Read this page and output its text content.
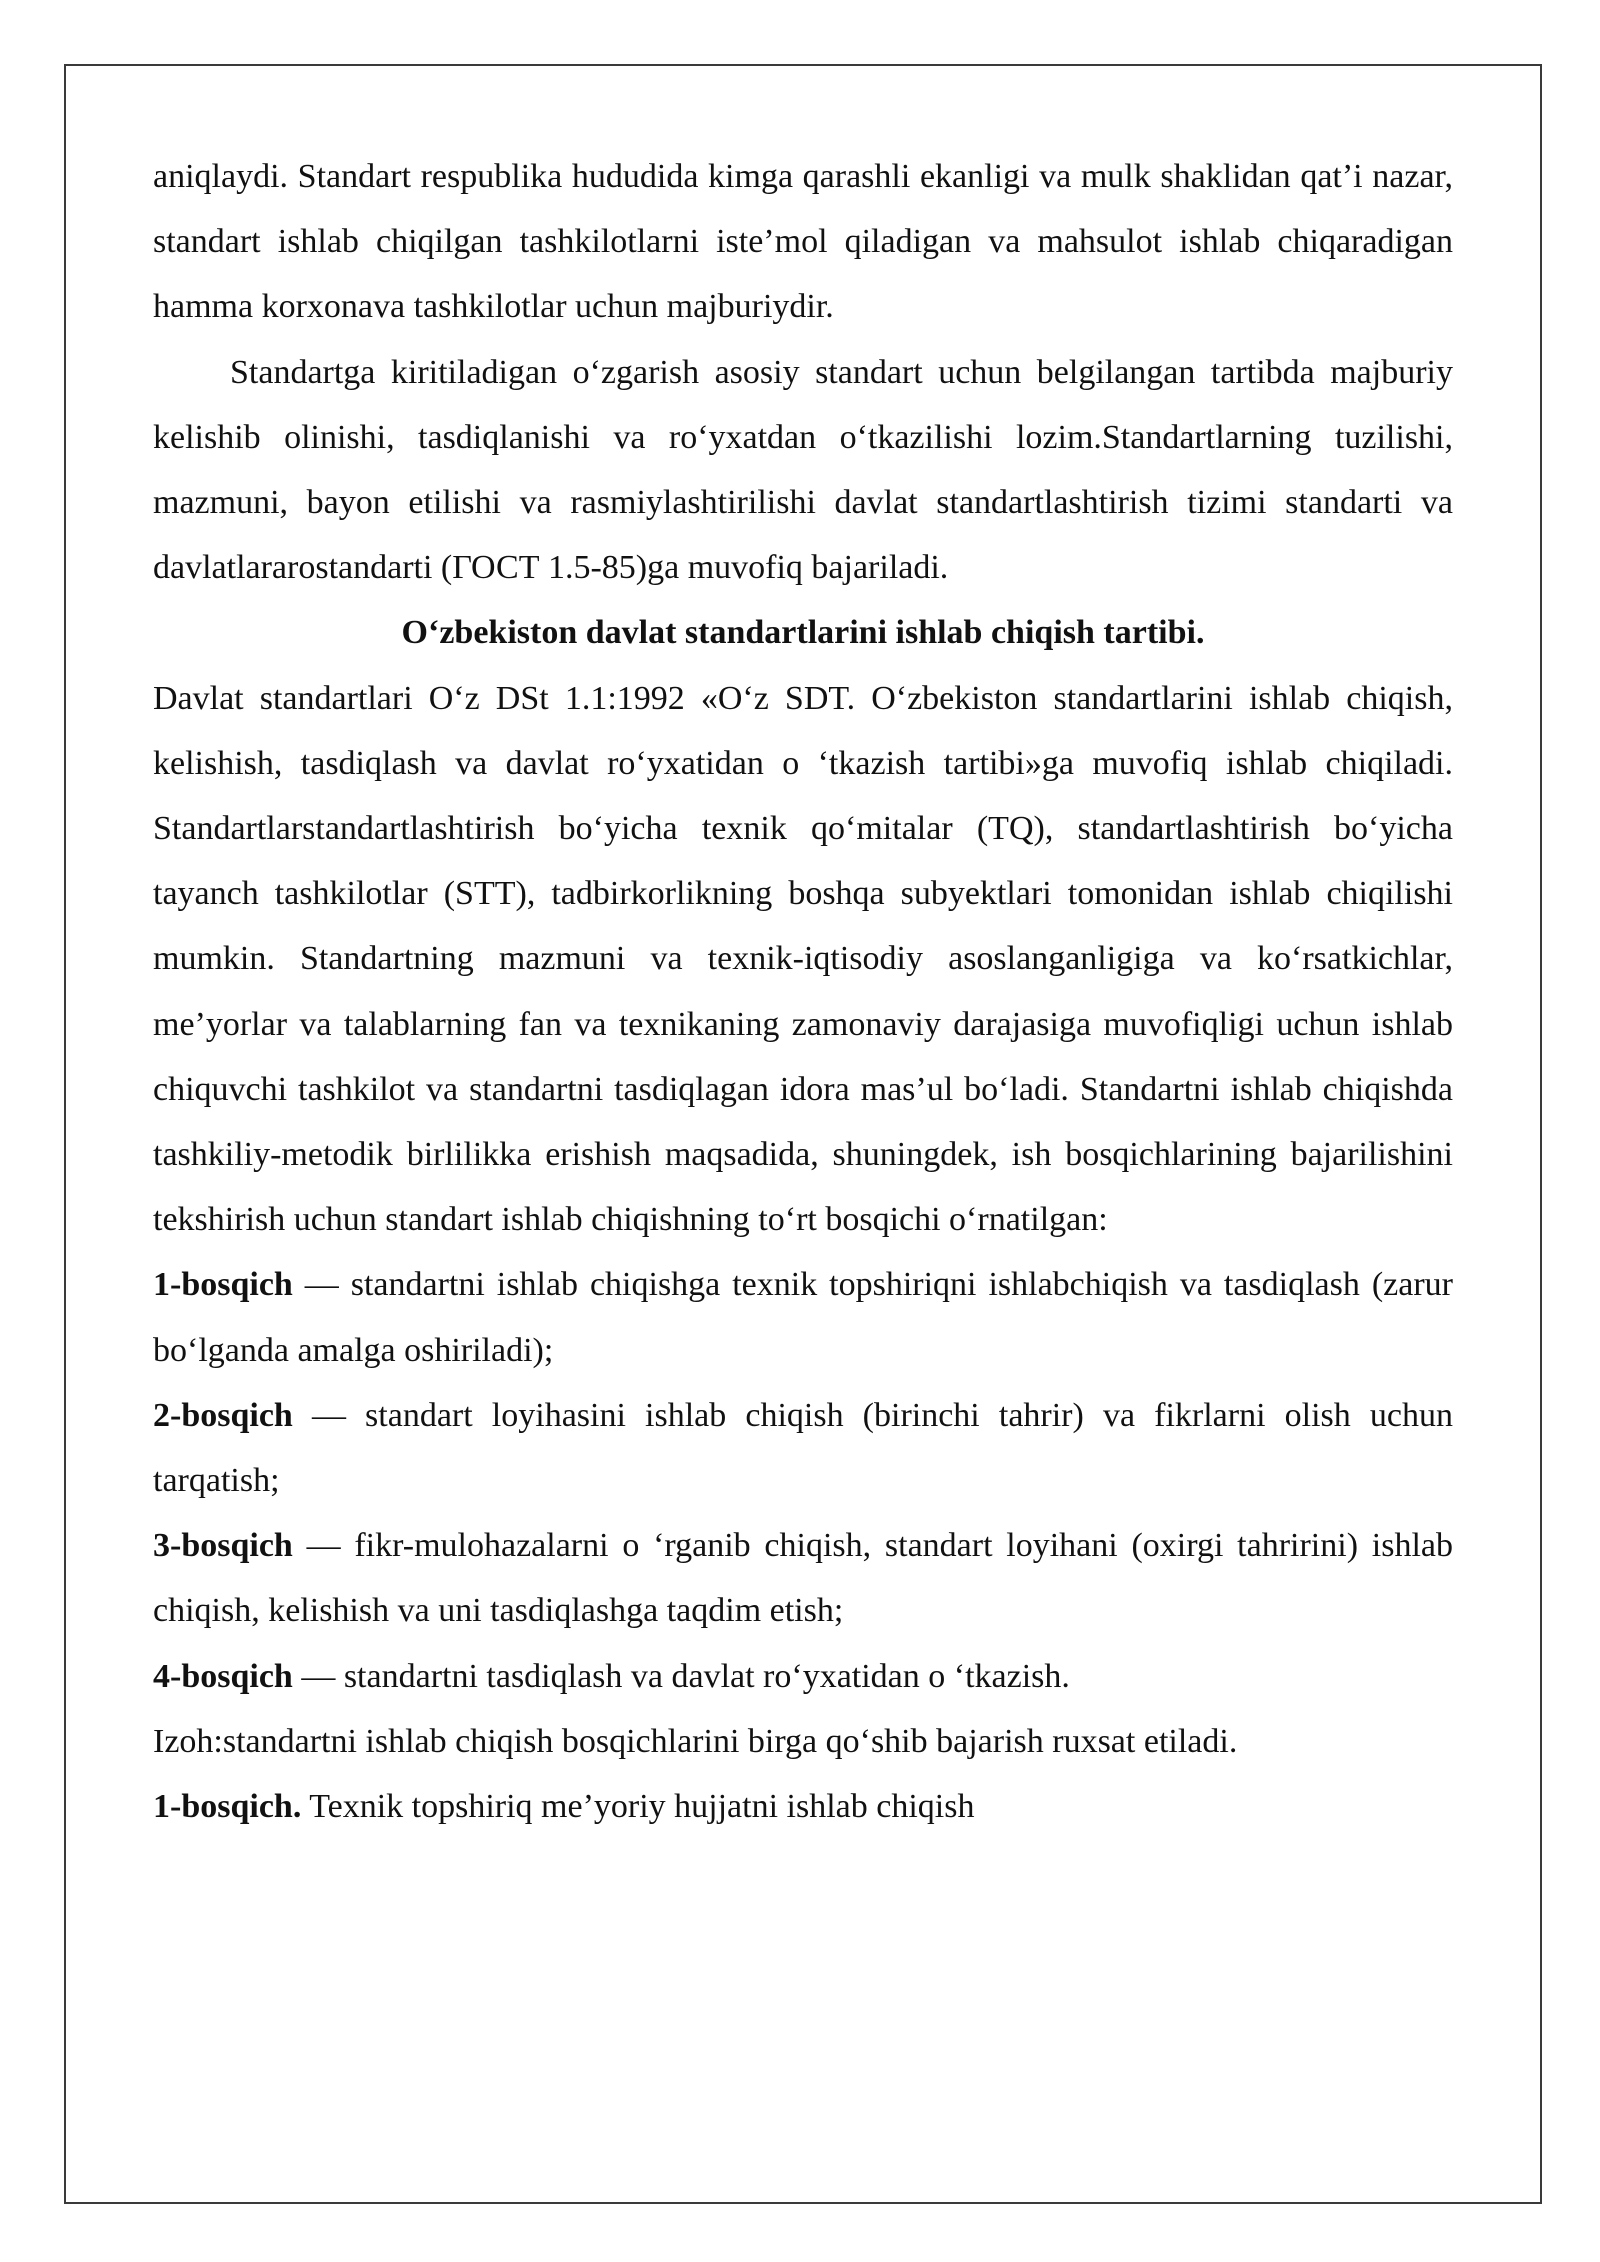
aniqlaydi. Standart respublika hududida kimga qarashli ekanligi va mulk shaklidan qat’i nazar, standart ishlab chiqilgan tashkilotlarni iste’mol qiladigan va mahsulot ishlab chiqaradigan hamma korxonava tashkilotlar uchun majburiydir.

Standartga kiritiladigan o‘zgarish asosiy standart uchun belgilangan tartibda majburiy kelishib olinishi, tasdiqlanishi va ro‘yxatdan o‘tkazilishi lozim.Standartlarning tuzilishi, mazmuni, bayon etilishi va rasmiylashtirilishi davlat standartlashtirish tizimi standarti va davlatlararostandarti (ГОСТ 1.5-85)ga muvofiq bajariladi.

O‘zbekiston davlat standartlarini ishlab chiqish tartibi.

Davlat standartlari O‘z DSt 1.1:1992 «O‘z SDT. O‘zbekiston standartlarini ishlab chiqish, kelishish, tasdiqlash va davlat ro‘yxatidan o ‘tkazish tartibi»ga muvofiq ishlab chiqiladi. Standartlarstandartlashtirish bo‘yicha texnik qo‘mitalar (TQ), standartlashtirish bo‘yicha tayanch tashkilotlar (STT), tadbirkorlikning boshqa subyektlari tomonidan ishlab chiqilishi mumkin. Standartning mazmuni va texnik-iqtisodiy asoslanganligiga va ko‘rsatkichlar, me’yorlar va talablarning fan va texnikaning zamonaviy darajasiga muvofiqligi uchun ishlab chiquvchi tashkilot va standartni tasdiqlagan idora mas’ul bo‘ladi. Standartni ishlab chiqishda tashkiliy-metodik birlilikka erishish maqsadida, shuningdek, ish bosqichlarining bajarilishini tekshirish uchun standart ishlab chiqishning to‘rt bosqichi o‘rnatilgan:

1-bosqich — standartni ishlab chiqishga texnik topshiriqni ishlabchiqish va tasdiqlash (zarur bo‘lganda amalga oshiriladi);

2-bosqich — standart loyihasini ishlab chiqish (birinchi tahrir) va fikrlarni olish uchun tarqatish;

3-bosqich — fikr-mulohazalarni o ‘rganib chiqish, standart loyihani (oxirgi tahririni) ishlab chiqish, kelishish va uni tasdiqlashga taqdim etish;

4-bosqich — standartni tasdiqlash va davlat ro‘yxatidan o ‘tkazish.

Izoh:standartni ishlab chiqish bosqichlarini birga qo‘shib bajarish ruxsat etiladi.

1-bosqich. Texnik topshiriq me’yoriy hujjatni ishlab chiqish
